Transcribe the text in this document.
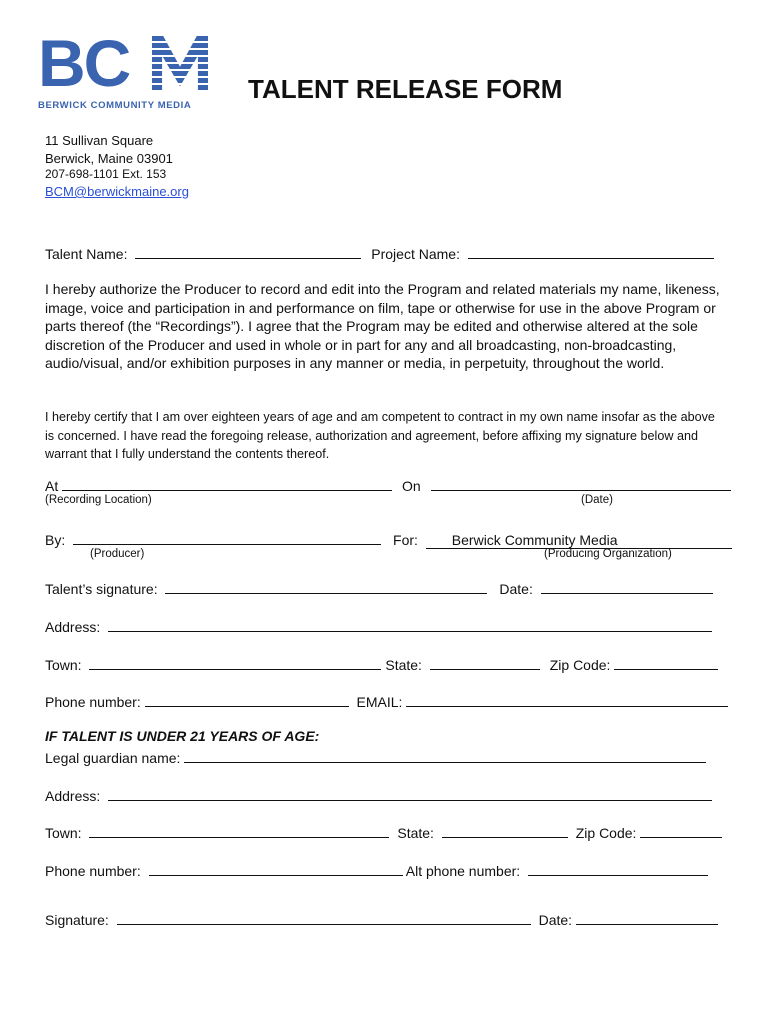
BC
BERWICK COMMUNITY MEDIA
TALENT RELEASE FORM
11 Sullivan Square
Berwick, Maine 03901
207-698-1101 Ext. 153
BCM@berwickmaine.org
Talent Name:	Project Name:
I hereby authorize the Producer to record and edit into the Program and related materials my name, likeness, image, voice and participation in and performance on film, tape or otherwise for use in the above Program or parts thereof (the “Recordings”). I agree that the Program may be edited and otherwise altered at the sole discretion of the Producer and used in whole or in part for any and all broadcasting, non-broadcasting, audio/visual, and/or exhibition purposes in any manner or media, in perpetuity, throughout the world.
I hereby certify that I am over eighteen years of age and am competent to contract in my own name insofar as the above is concerned. I have read the foregoing release, authorization and agreement, before affixing my signature below and warrant that I fully understand the contents thereof.
At	On
(Recording Location)	(Date)
By:	For: Berwick Community Media
(Producer)	(Producing Organization)
Talent’s signature:	Date:
Address:
Town:	State:	Zip Code:
Phone number:	EMAIL:
IF TALENT IS UNDER 21 YEARS OF AGE:
Legal guardian name:
Address:
Town:	State:	Zip Code:
Phone number:	Alt phone number:
Signature:	Date:
